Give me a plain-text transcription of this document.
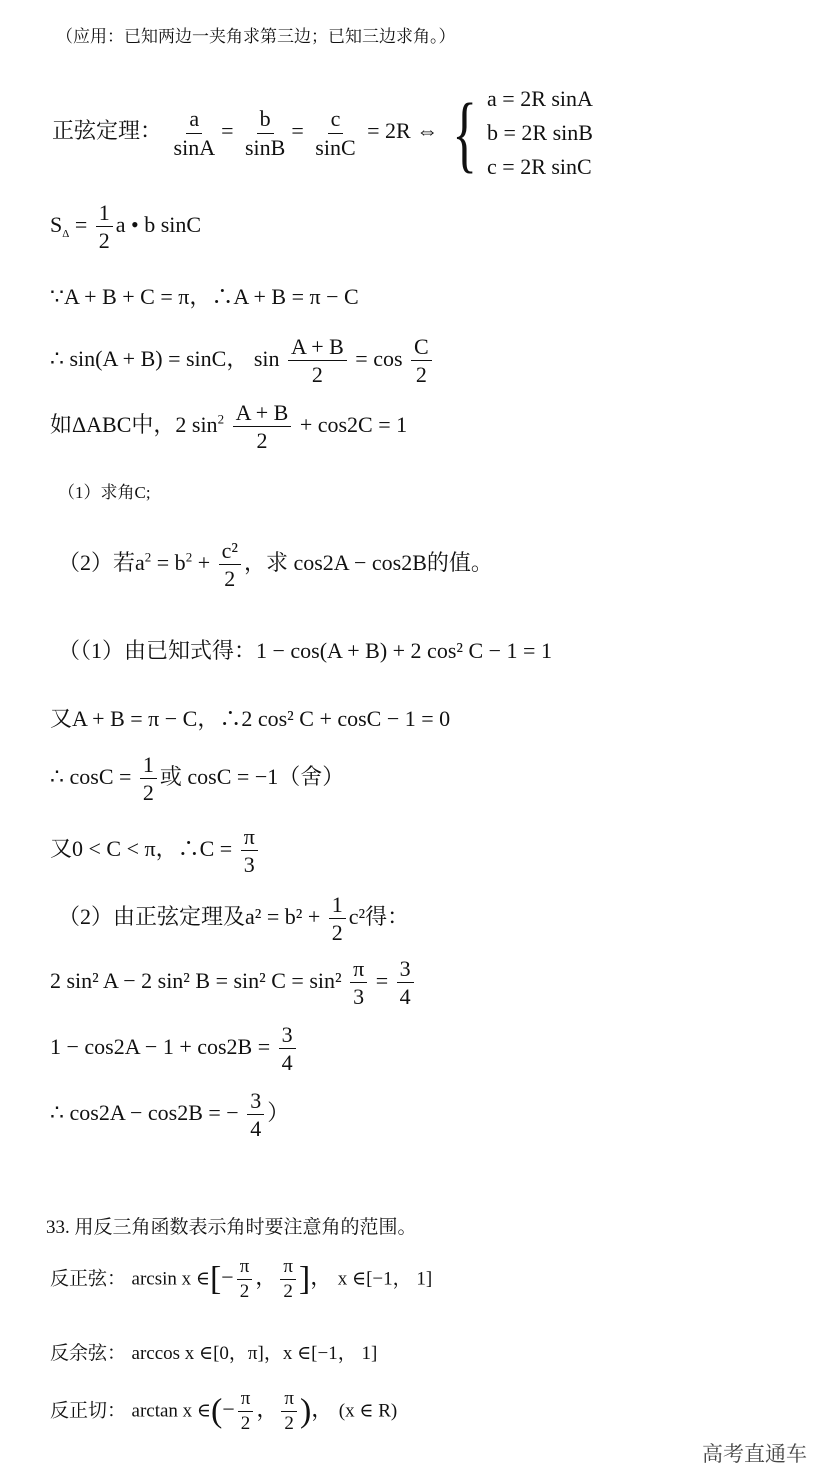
（应用：已知两边一夹角求第三边；已知三边求角。）
正弦定理： $\frac{a}{\sin A} = \frac{b}{\sin B} = \frac{c}{\sin C} = 2R$ ⇔ { a = 2R sinA
b = 2R sinB
c = 2R sinC
$S_\Delta = \frac{1}{2}$ a • b sinC
∵A + B + C = π，∴A + B = π − C
∴ sin(A + B) = sinC， $\sin \frac{A + B}{2} = \cos \frac{C}{2}$
如ΔABC中，2 $\sin^2 \frac{A + B}{2} + \cos 2C = 1$
（1）求角C;
（2）若$a^2 = b^2 + \frac{\text{c²}}{2}$ ，求 cos2A − cos2B的值。
（（1）由已知式得：1 − cos(A + B) + 2 cos² C − 1 = 1
又A + B = π − C，∴2 cos² C + cosC − 1 = 0
∴ $\cos C = \frac{1}{2}$ 或 cosC = −1（舍）
又0 < C < π，∴C = $\frac{\pi}{3}$
（2）由正弦定理及$a^2 = b^2 + \frac{1}{2} c^2$得：
2 sin² A − 2 sin² B = sin² $C = \sin^2 \frac{\pi}{3} = \frac{3}{4}$
$1 - \cos 2A - 1 + \cos 2B = \frac{3}{4}$
∴ cos2A − cos2B = − $\frac{3}{4}$ ）
33. 用反三角函数表示角时要注意角的范围。
反正弦： arcsin x ∈[− $\frac{\pi}{2}$ ， $\frac{\pi}{2}$ ]， x ∈[−1， 1]
反余弦： arccos x ∈[0，π]，x ∈[−1， 1]
反正切： arctan x ∈(− $\frac{\pi}{2}$ ， $\frac{\pi}{2}$ )， (x ∈ R)
高考直通车
